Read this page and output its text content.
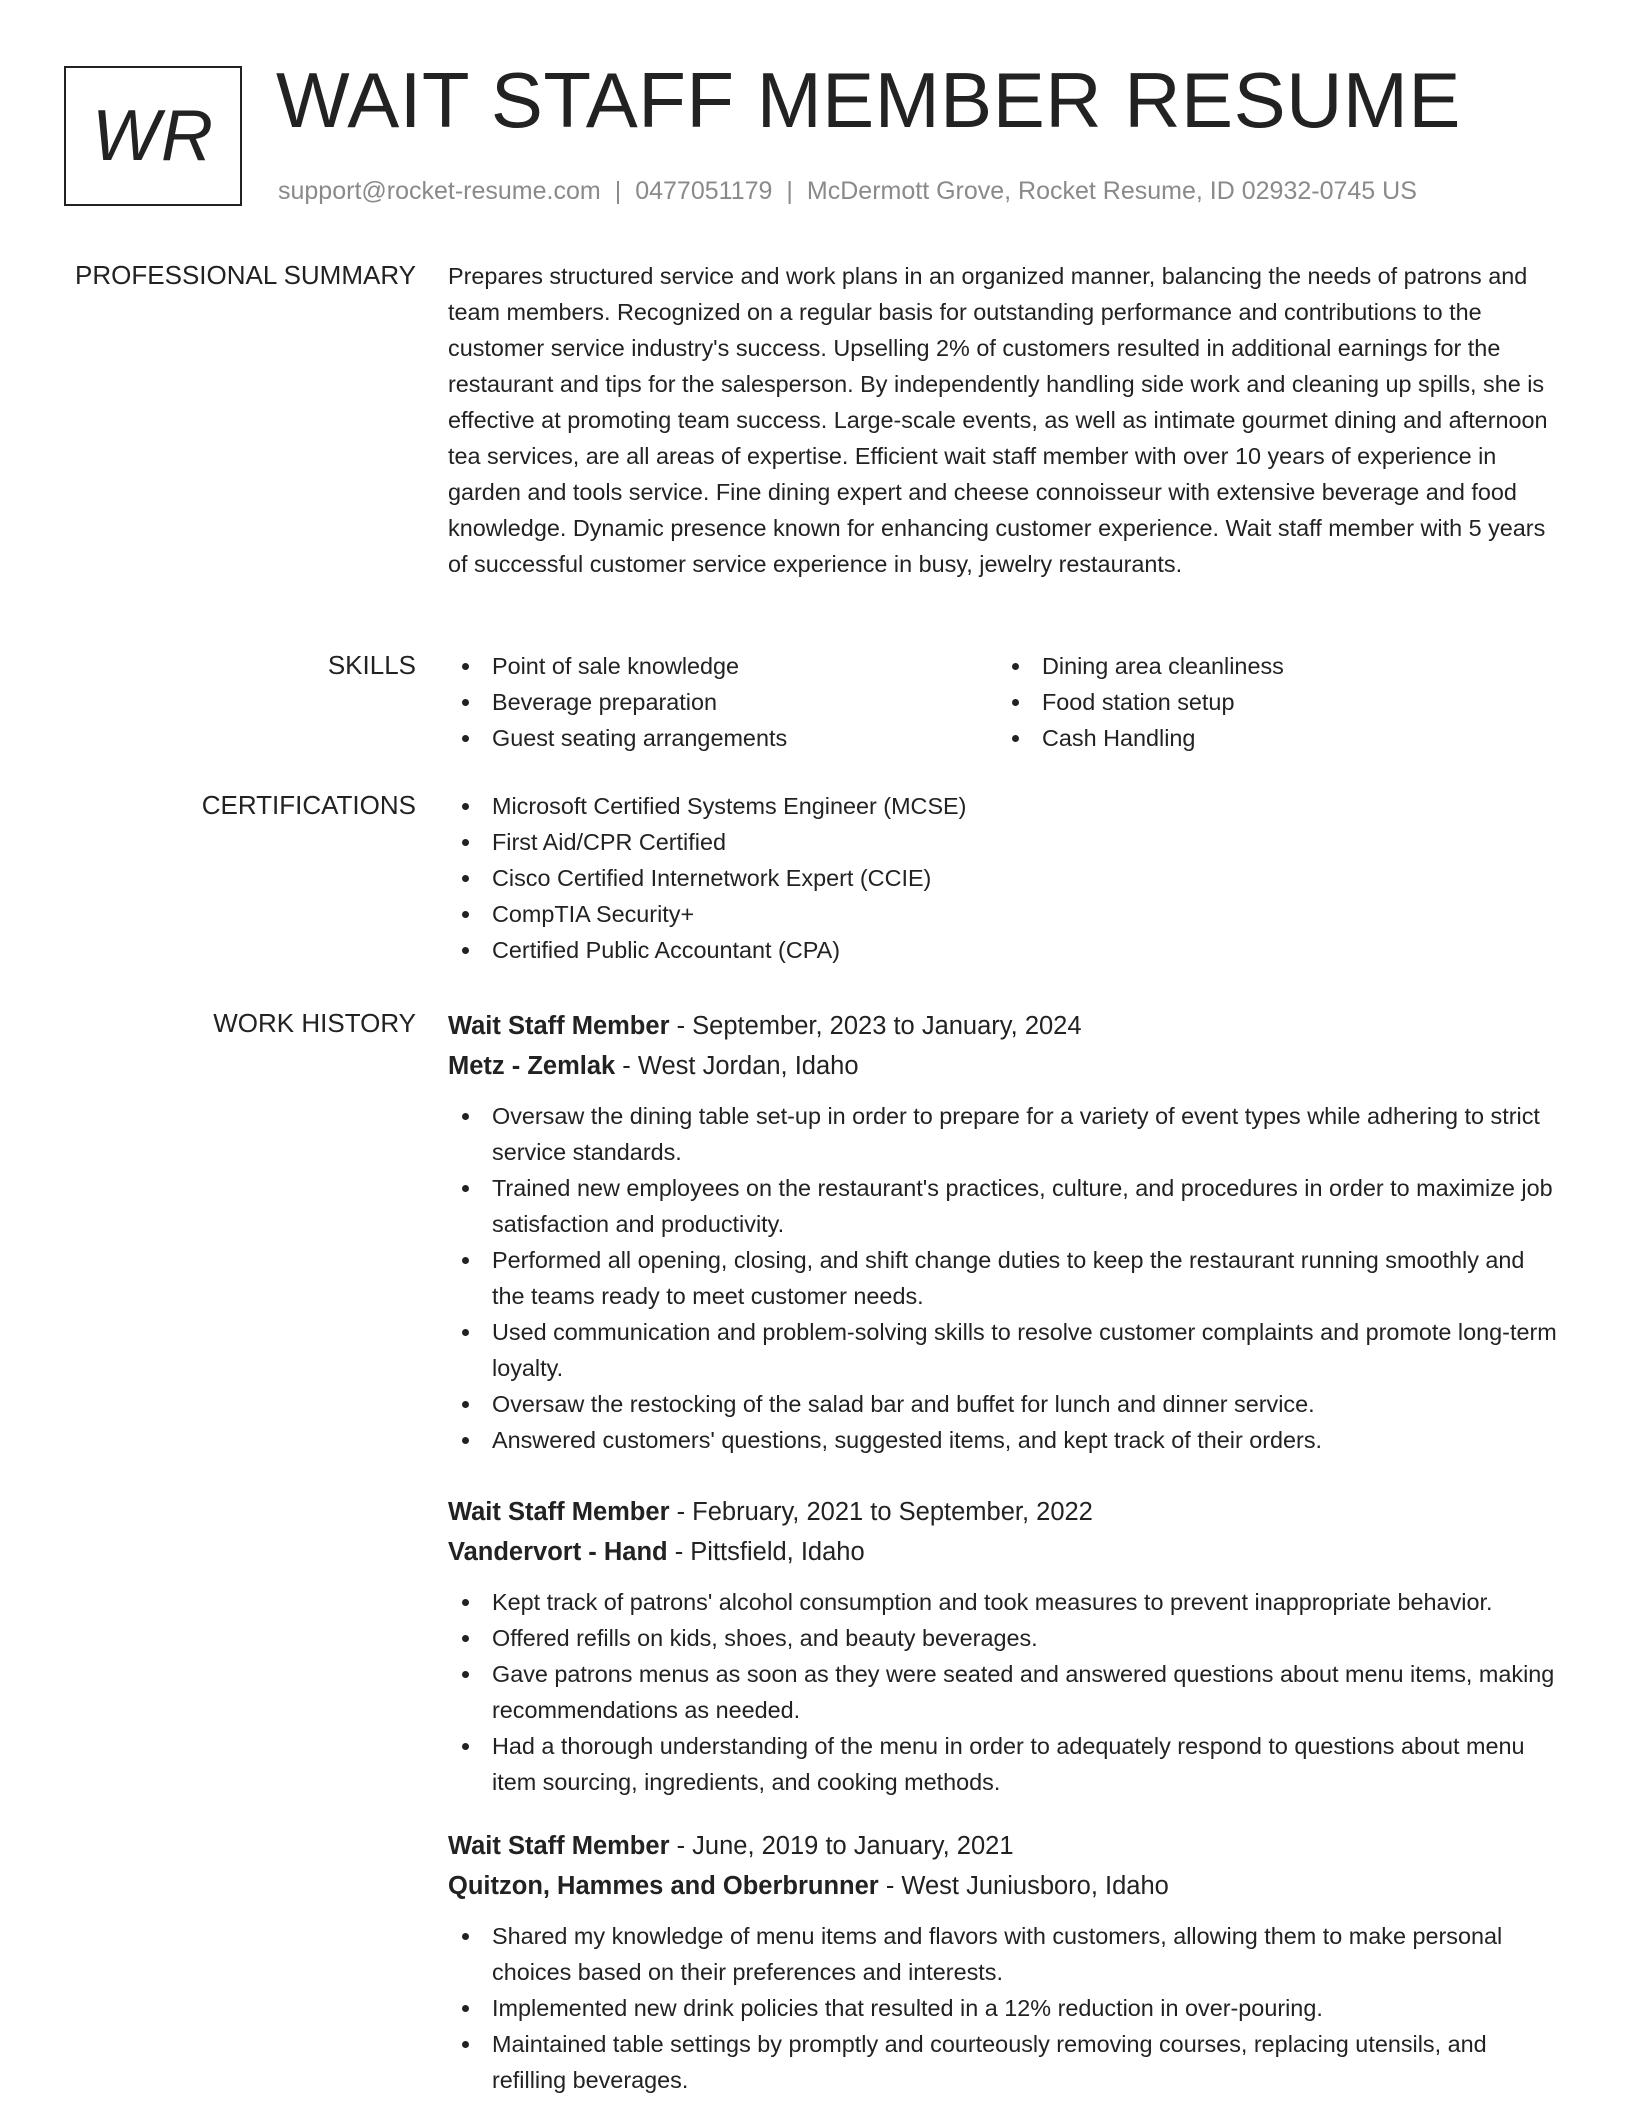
WR WAIT STAFF MEMBER RESUME
support@rocket-resume.com | 0477051179 | McDermott Grove, Rocket Resume, ID 02932-0745 US
PROFESSIONAL SUMMARY Prepares structured service and work plans in an organized manner, balancing the needs of patrons and team members. Recognized on a regular basis for outstanding performance and contributions to the customer service industry's success. Upselling 2% of customers resulted in additional earnings for the restaurant and tips for the salesperson. By independently handling side work and cleaning up spills, she is effective at promoting team success. Large-scale events, as well as intimate gourmet dining and afternoon tea services, are all areas of expertise. Efficient wait staff member with over 10 years of experience in garden and tools service. Fine dining expert and cheese connoisseur with extensive beverage and food knowledge. Dynamic presence known for enhancing customer experience. Wait staff member with 5 years of successful customer service experience in busy, jewelry restaurants.

SKILLS	Point of sale knowledge
Beverage preparation
Guest seating arrangements
Dining area cleanliness
Food station setup
Cash Handling
CERTIFICATIONS	Microsoft Certified Systems Engineer (MCSE)
First Aid/CPR Certified
Cisco Certified Internetwork Expert (CCIE)
CompTIA Security+
Certified Public Accountant (CPA)
WORK HISTORY Wait Staff Member - September, 2023 to January, 2024
Metz - Zemlak - West Jordan, Idaho
Oversaw the dining table set-up in order to prepare for a variety of event types while adhering to strict service standards.
Trained new employees on the restaurant's practices, culture, and procedures in order to maximize job satisfaction and productivity.
Performed all opening, closing, and shift change duties to keep the restaurant running smoothly and the teams ready to meet customer needs.
Used communication and problem-solving skills to resolve customer complaints and promote long-term loyalty.
Oversaw the restocking of the salad bar and buffet for lunch and dinner service.
Answered customers' questions, suggested items, and kept track of their orders.
Wait Staff Member - February, 2021 to September, 2022
Vandervort - Hand - Pittsfield, Idaho
Kept track of patrons' alcohol consumption and took measures to prevent inappropriate behavior.
Offered refills on kids, shoes, and beauty beverages.
Gave patrons menus as soon as they were seated and answered questions about menu items, making recommendations as needed.
Had a thorough understanding of the menu in order to adequately respond to questions about menu item sourcing, ingredients, and cooking methods.
Wait Staff Member - June, 2019 to January, 2021
Quitzon, Hammes and Oberbrunner - West Juniusboro, Idaho
Shared my knowledge of menu items and flavors with customers, allowing them to make personal choices based on their preferences and interests.
Implemented new drink policies that resulted in a 12% reduction in over-pouring.
Maintained table settings by promptly and courteously removing courses, replacing utensils, and refilling beverages.
